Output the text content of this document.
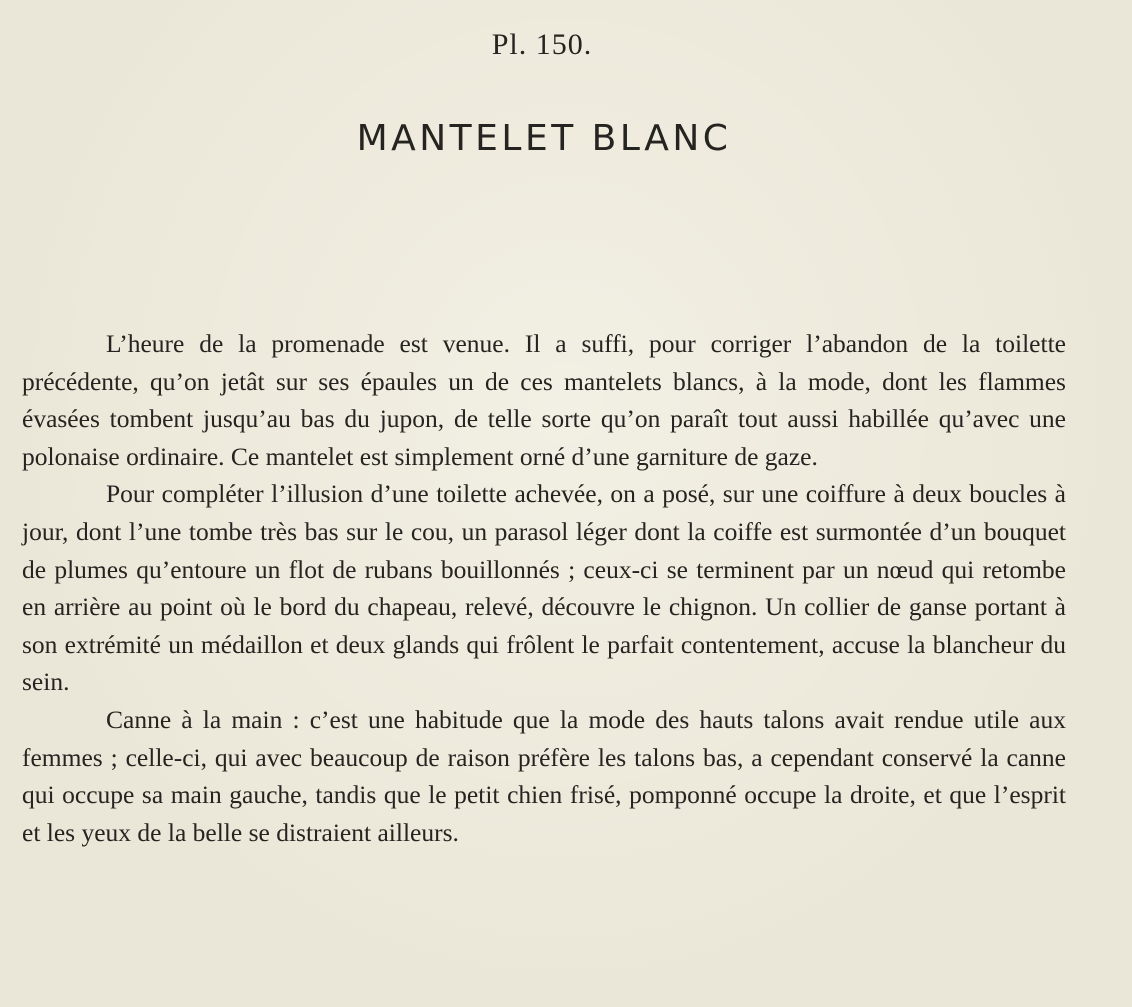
Pl. 150.
MANTELET BLANC

L’heure de la promenade est venue. Il a suffi, pour corriger l’abandon de la toilette précédente, qu’on jetât sur ses épaules un de ces mantelets blancs, à la mode, dont les flammes évasées tombent jusqu’au bas du jupon, de telle sorte qu’on paraît tout aussi habillée qu’avec une polonaise ordinaire. Ce mantelet est simplement orné d’une garniture de gaze.

Pour compléter l’illusion d’une toilette achevée, on a posé, sur une coiffure à deux boucles à jour, dont l’une tombe très bas sur le cou, un parasol léger dont la coiffe est surmontée d’un bouquet de plumes qu’entoure un flot de rubans bouillonnés ; ceux-ci se terminent par un nœud qui retombe en arrière au point où le bord du chapeau, relevé, découvre le chignon. Un collier de ganse portant à son extrémité un médaillon et deux glands qui frôlent le parfait contentement, accuse la blancheur du sein.

Canne à la main : c’est une habitude que la mode des hauts talons avait rendue utile aux femmes ; celle-ci, qui avec beaucoup de raison préfère les talons bas, a cependant conservé la canne qui occupe sa main gauche, tandis que le petit chien frisé, pomponné occupe la droite, et que l’esprit et les yeux de la belle se distraient ailleurs.
